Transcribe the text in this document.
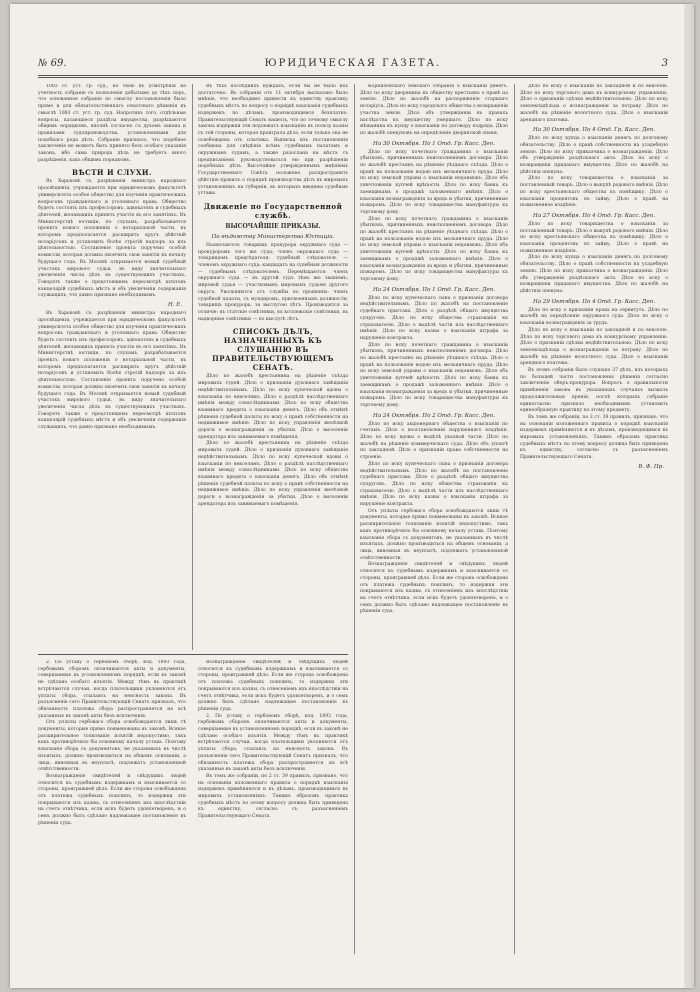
№ 69.	ЮРИДИЧЕСКАЯ ГАЗЕТА.	3

1083 ст. уст. гр. суд., но свою въ усмотрѣнія на учетность собраніе съ позволенія добытымъ до тѣхъ поръ, что основанное собраніе по смыслу постановленія было прямо и для обязательственнаго сенатскаго рѣшенія въ смыслѣ 1083 ст. уст. гр. суд. Напротивъ того, отдѣльные вопросы, касающіеся раздѣла имущества, разрѣшаются общимъ порядкомъ, вполнѣ согласно съ духомъ закона и правилами судопроизводства, установленными для подобнаго рода дѣлъ. Собраніе признало, что подобное заключеніе не можетъ быть принято безъ особаго указанія закона, ибо сама природа дѣла не требуетъ иного разрѣшенія, какъ общимъ порядкомъ.

ВѢСТИ И СЛУХИ.

Въ Харьковѣ съ разрѣшенія министра народнаго просвѣщенія, учреждается при юридическомъ факультетѣ университета особое общество для изученія практическихъ вопросовъ гражданскаго и уголовнаго права. Общество будетъ состоять изъ профессоровъ, адвокатовъ и судебныхъ дѣятелей, желающихъ принять участіе въ его занятіяхъ. Въ Министерствѣ юстиціи, по слухамъ, разрабатывается проектъ новаго положенія о нотаріальной части, въ которомъ предполагается расширить кругъ дѣйствій нотаріусовъ и установить болѣе строгій надзоръ за ихъ дѣятельностью. Составленіе проекта поручено особой комиссіи, которая должна окончить свои занятія къ началу будущаго года. Въ Москвѣ открывается новый судебный участокъ мирового судьи, въ виду значительнаго увеличенія числа дѣлъ въ существующихъ участкахъ. Говорятъ также о предстоящемъ пересмотрѣ штатовъ канцелярій судебныхъ мѣстъ и объ увеличеніи содержанія служащихъ, что давно признано необходимымъ.

Н. Е.

Въ Харьковѣ съ разрѣшенія министра народнаго просвѣщенія, учреждается при юридическомъ факультетѣ университета особое общество для изученія практическихъ вопросовъ гражданскаго и уголовнаго права. Общество будетъ состоять изъ профессоровъ, адвокатовъ и судебныхъ дѣятелей, желающихъ принять участіе въ его занятіяхъ. Въ Министерствѣ юстиціи, по слухамъ, разрабатывается проектъ новаго положенія о нотаріальной части, въ которомъ предполагается расширить кругъ дѣйствій нотаріусовъ и установить болѣе строгій надзоръ за ихъ дѣятельностью. Составленіе проекта поручено особой комиссіи, которая должна окончить свои занятія къ началу будущаго года. Въ Москвѣ открывается новый судебный участокъ мирового судьи, въ виду значительнаго увеличенія числа дѣлъ въ существующихъ участкахъ. Говорятъ также о предстоящемъ пересмотрѣ штатовъ канцелярій судебныхъ мѣстъ и объ увеличеніи содержанія служащихъ, что давно признано необходимымъ.

Въ тѣхъ послѣднихъ нуждахъ, если бы не было ихъ достаточно. Въ собраніи отъ 11 октября высказано было мнѣніе, что необходимо привести къ единству практику судебныхъ мѣстъ по вопросу о порядкѣ взысканія судебныхъ издержекъ по дѣламъ, производящимся безплатно. Правительствующій Сенатъ нашелъ, что по точному смыслу закона издержки эти подлежатъ взысканію въ пользу казны съ той стороны, которая проиграла дѣло, если только она не освобождена отъ платежа. Выписка изъ постановленія сообщена для свѣдѣнія всѣмъ судебнымъ палатамъ и окружнымъ судамъ, а также разослана на мѣста съ предписаніемъ руководствоваться ею при разрѣшеніи подобныхъ дѣлъ. Высочайше утвержденнымъ мнѣніемъ Государственнаго Совѣта положено распространить дѣйствіе правилъ о порядкѣ производства дѣлъ въ мировыхъ установленіяхъ на губерніи, въ которыхъ введены судебные уставы.

Движеніе по Государственной службѣ.
ВЫСОЧАЙШІЕ ПРИКАЗЫ.
По вѣдомству Министерства Юстиціи.

Назначаются: товарищъ прокурора окружнаго суда — прокуроромъ того же суда; членъ окружнаго суда — товарищемъ предсѣдателя; судебный слѣдователь — членомъ окружнаго суда; кандидатъ на судебныя должности — судебнымъ слѣдователемъ. Перемѣщаются: членъ окружнаго суда — въ другой судъ тѣмъ же званіемъ; мировой судья — участковымъ мировымъ судьею другого округа. Увольняются отъ службы по прошенію: членъ судебной палаты, съ мундиромъ, присвоеннымъ должности; товарищъ прокурора, за выслугою лѣтъ. Производятся за отличіе: въ статскіе совѣтники, въ коллежскіе совѣтники, въ надворные совѣтники — по выслугѣ лѣтъ.

СПИСОКЪ ДѢЛЪ, НАЗНАЧЕННЫХЪ КЪ СЛУШАНІЮ ВЪ ПРАВИТЕЛЬСТВУЮЩЕМЪ СЕНАТѢ.

Дѣло по жалобѣ крестьянина на рѣшеніе съѣзда мировыхъ судей. Дѣло о признаніи духовнаго завѣщанія недѣйствительнымъ. Дѣло по иску купеческой вдовы о взысканіи по векселямъ. Дѣло о раздѣлѣ наслѣдственнаго имѣнія между сонаслѣдниками. Дѣло по иску общества взаимнаго кредита о взысканіи денегъ. Дѣло объ отмѣнѣ рѣшенія судебной палаты по иску о правѣ собственности на недвижимое имѣніе. Дѣло по иску управленія желѣзной дороги о вознагражденіи за убытки. Дѣло о выселеніи арендатора изъ занимаемаго помѣщенія.

Дѣло по жалобѣ крестьянина на рѣшеніе съѣзда мировыхъ судей. Дѣло о признаніи духовнаго завѣщанія недѣйствительнымъ. Дѣло по иску купеческой вдовы о взысканіи по векселямъ. Дѣло о раздѣлѣ наслѣдственнаго имѣнія между сонаслѣдниками. Дѣло по иску общества взаимнаго кредита о взысканіи денегъ. Дѣло объ отмѣнѣ рѣшенія судебной палаты по иску о правѣ собственности на недвижимое имѣніе. Дѣло по иску управленія желѣзной дороги о вознагражденіи за убытки. Дѣло о выселеніи арендатора изъ занимаемаго помѣщенія.

Корниловскаго земскаго собранія о взысканіи денегъ. Дѣло по иску дворянина къ обществу крестьянъ о правѣ на землю. Дѣло по жалобѣ на распоряженіе старшаго нотаріуса. Дѣло по иску городского общества о возвращеніи участка земли. Дѣло объ утвержденіи въ правахъ наслѣдства къ имуществу умершаго. Дѣло по иску мѣщанина къ купцу о взысканіи по договору подряда. Дѣло по жалобѣ опекуновъ на опредѣленіе дворянской опеки.

На 30 Октября. По 1 Отд. Гр. Касс. Деп.

Дѣло по иску почетнаго гражданина о взысканіи убытковъ, причиненныхъ неисполненіемъ договора. Дѣло по жалобѣ крестьянъ на рѣшеніе уѣзднаго съѣзда. Дѣло о правѣ на пользованіе водою изъ мельничнаго пруда. Дѣло по иску земской управы о взысканіи недоимокъ. Дѣло объ уничтоженіи купчей крѣпости. Дѣло по иску банка къ заемщикамъ о продажѣ заложеннаго имѣнія. Дѣло о взысканіи вознагражденія за вредъ и убытки, причиненные пожаромъ. Дѣло по иску товарищества мануфактуры къ торговому дому.

Дѣло по иску почетнаго гражданина о взысканіи убытковъ, причиненныхъ неисполненіемъ договора. Дѣло по жалобѣ крестьянъ на рѣшеніе уѣзднаго съѣзда. Дѣло о правѣ на пользованіе водою изъ мельничнаго пруда. Дѣло по иску земской управы о взысканіи недоимокъ. Дѣло объ уничтоженіи купчей крѣпости. Дѣло по иску банка къ заемщикамъ о продажѣ заложеннаго имѣнія. Дѣло о взысканіи вознагражденія за вредъ и убытки, причиненные пожаромъ. Дѣло по иску товарищества мануфактуры къ торговому дому.

На 24 Октября. По 1 Отд. Гр. Касс. Деп.

Дѣло по иску купеческаго сына о признаніи договора недѣйствительнымъ. Дѣло по жалобѣ на постановленіе судебнаго пристава. Дѣло о раздѣлѣ общаго имущества супруговъ. Дѣло по иску общества страхованія къ страхователю. Дѣло о выдѣлѣ части изъ наслѣдственнаго имѣнія. Дѣло по иску казны о взысканіи штрафа за нарушеніе контракта.

Дѣло по иску почетнаго гражданина о взысканіи убытковъ, причиненныхъ неисполненіемъ договора. Дѣло по жалобѣ крестьянъ на рѣшеніе уѣзднаго съѣзда. Дѣло о правѣ на пользованіе водою изъ мельничнаго пруда. Дѣло по иску земской управы о взысканіи недоимокъ. Дѣло объ уничтоженіи купчей крѣпости. Дѣло по иску банка къ заемщикамъ о продажѣ заложеннаго имѣнія. Дѣло о взысканіи вознагражденія за вредъ и убытки, причиненные пожаромъ. Дѣло по иску товарищества мануфактуры къ торговому дому.

На 24 Октября. По 2 Отд. Гр. Касс. Деп.

Дѣло по иску акціонернаго общества о взысканіи по счетамъ. Дѣло о возстановленіи нарушеннаго владѣнія. Дѣло по иску вдовы о выдѣлѣ указной части. Дѣло по жалобѣ на рѣшеніе коммерческаго суда. Дѣло объ уплатѣ по закладной. Дѣло о признаніи права собственности на строеніе.

Дѣло по иску купеческаго сына о признаніи договора недѣйствительнымъ. Дѣло по жалобѣ на постановленіе судебнаго пристава. Дѣло о раздѣлѣ общаго имущества супруговъ. Дѣло по иску общества страхованія къ страхователю. Дѣло о выдѣлѣ части изъ наслѣдственнаго имѣнія. Дѣло по иску казны о взысканіи штрафа за нарушеніе контракта.

Отъ уплаты гербоваго сбора освобождаются лишь тѣ документы, которые прямо поименованы въ законѣ. Всякое расширительное толкованіе изъятій недопустимо, такъ какъ противорѣчило бы основному началу устава. Поэтому взысканіе сбора съ документовъ, не указанныхъ въ числѣ изъятыхъ, должно производиться на общемъ основаніи, а лица, виновныя въ неуплатѣ, подлежатъ установленной отвѣтственности.

Вознагражденіе свидѣтелей и свѣдущихъ людей относится къ судебнымъ издержкамъ и взыскивается со стороны, проигравшей дѣло. Если же сторона освобождена отъ платежа судебныхъ пошлинъ, то издержки эти покрываются изъ казны, съ отнесеніемъ ихъ впослѣдствіи на счетъ отвѣтчика, если искъ будетъ удовлетворенъ, и о семъ должно быть сдѣлано надлежащее постановленіе въ рѣшеніи суда.

Дѣло по иску о взысканіи по закладной и по векселю. Дѣло по иску торгового дома къ конкурсному управленію. Дѣло о признаніи сдѣлки недѣйствительною. Дѣло по иску землевладѣльца о вознагражденіи за потраву. Дѣло по жалобѣ на рѣшеніе волостного суда. Дѣло о взысканіи аренднаго платежа.

На 30 Октября. По 4 Отд. Гр. Касс. Деп.

Дѣло по иску купца о взысканіи денегъ по долговому обязательству. Дѣло о правѣ собственности на усадебную землю. Дѣло по иску приказчика о вознагражденіи. Дѣло объ утвержденіи раздѣльнаго акта. Дѣло по иску о возвращеніи приданаго имущества. Дѣло по жалобѣ на дѣйствія опекуна.

Дѣло по иску товарищества о взысканіи за поставленный товаръ. Дѣло о выкупѣ родового имѣнія. Дѣло по иску крестьянскаго общества къ помѣщику. Дѣло о взысканіи процентовъ по займу. Дѣло о правѣ на пожизненное владѣніе.

На 27 Октября. По 4 Отд. Гр. Касс. Деп.

Дѣло по иску товарищества о взысканіи за поставленный товаръ. Дѣло о выкупѣ родового имѣнія. Дѣло по иску крестьянскаго общества къ помѣщику. Дѣло о взысканіи процентовъ по займу. Дѣло о правѣ на пожизненное владѣніе.

Дѣло по иску купца о взысканіи денегъ по долговому обязательству. Дѣло о правѣ собственности на усадебную землю. Дѣло по иску приказчика о вознагражденіи. Дѣло объ утвержденіи раздѣльнаго акта. Дѣло по иску о возвращеніи приданаго имущества. Дѣло по жалобѣ на дѣйствія опекуна.

На 29 Октября. По 4 Отд. Гр. Касс. Деп.

Дѣло по иску о признаніи права на сервитутъ. Дѣло по жалобѣ на опредѣленіе окружного суда. Дѣло по иску о взысканіи вознагражденія за трудъ.

Дѣло по иску о взысканіи по закладной и по векселю. Дѣло по иску торгового дома къ конкурсному управленію. Дѣло о признаніи сдѣлки недѣйствительною. Дѣло по иску землевладѣльца о вознагражденіи за потраву. Дѣло по жалобѣ на рѣшеніе волостного суда. Дѣло о взысканіи аренднаго платежа.

Въ этомъ собраніи было слушано 37 дѣлъ, изъ которыхъ по большей части постановлены рѣшенія согласно заключенію оберъ-прокурора. Вопросъ о правильности примѣненія закона въ указанныхъ случаяхъ вызвалъ продолжительныя пренія, послѣ которыхъ собраніе единогласно признало необходимымъ установить единообразную практику по этому предмету.

Въ томъ же собраніи, по 2 ст. 39 правилъ, признано, что на основаніи изложеннаго правила о порядкѣ взысканія издержекъ примѣняются и къ дѣламъ, производящимся въ мировыхъ установленіяхъ. Такимъ образомъ практика судебныхъ мѣстъ по этому вопросу должна быть приведена къ единству, согласно съ разъясненіемъ Правительствующаго Сената.

В. Ф. Пр.

2. По уставу о гербовомъ сборѣ, изд. 1893 года, гербовымъ сборомъ оплачиваются акты и документы, совершаемые въ установленномъ порядкѣ, если въ законѣ не сдѣлано особаго изъятія. Между тѣмъ въ практикѣ встрѣчаются случаи, когда плательщики уклоняются отъ уплаты сбора, ссылаясь на неясность закона. Въ разъясненіе сего Правительствующій Сенатъ призналъ, что обязанность платежа сбора распространяется на всѣ указанные въ законѣ акты безъ исключенія.

Отъ уплаты гербоваго сбора освобождаются лишь тѣ документы, которые прямо поименованы въ законѣ. Всякое расширительное толкованіе изъятій недопустимо, такъ какъ противорѣчило бы основному началу устава. Поэтому взысканіе сбора съ документовъ, не указанныхъ въ числѣ изъятыхъ, должно производиться на общемъ основаніи, а лица, виновныя въ неуплатѣ, подлежатъ установленной отвѣтственности.

Вознагражденіе свидѣтелей и свѣдущихъ людей относится къ судебнымъ издержкамъ и взыскивается со стороны, проигравшей дѣло. Если же сторона освобождена отъ платежа судебныхъ пошлинъ, то издержки эти покрываются изъ казны, съ отнесеніемъ ихъ впослѣдствіи на счетъ отвѣтчика, если искъ будетъ удовлетворенъ, и о семъ должно быть сдѣлано надлежащее постановленіе въ рѣшеніи суда.

Вознагражденіе свидѣтелей и свѣдущихъ людей относится къ судебнымъ издержкамъ и взыскивается со стороны, проигравшей дѣло. Если же сторона освобождена отъ платежа судебныхъ пошлинъ, то издержки эти покрываются изъ казны, съ отнесеніемъ ихъ впослѣдствіи на счетъ отвѣтчика, если искъ будетъ удовлетворенъ, и о семъ должно быть сдѣлано надлежащее постановленіе въ рѣшеніи суда.

2. По уставу о гербовомъ сборѣ, изд. 1893 года, гербовымъ сборомъ оплачиваются акты и документы, совершаемые въ установленномъ порядкѣ, если въ законѣ не сдѣлано особаго изъятія. Между тѣмъ въ практикѣ встрѣчаются случаи, когда плательщики уклоняются отъ уплаты сбора, ссылаясь на неясность закона. Въ разъясненіе сего Правительствующій Сенатъ призналъ, что обязанность платежа сбора распространяется на всѣ указанные въ законѣ акты безъ исключенія.

Въ томъ же собраніи, по 2 ст. 39 правилъ, признано, что на основаніи изложеннаго правила о порядкѣ взысканія издержекъ примѣняются и къ дѣламъ, производящимся въ мировыхъ установленіяхъ. Такимъ образомъ практика судебныхъ мѣстъ по этому вопросу должна быть приведена къ единству, согласно съ разъясненіемъ Правительствующаго Сената.
